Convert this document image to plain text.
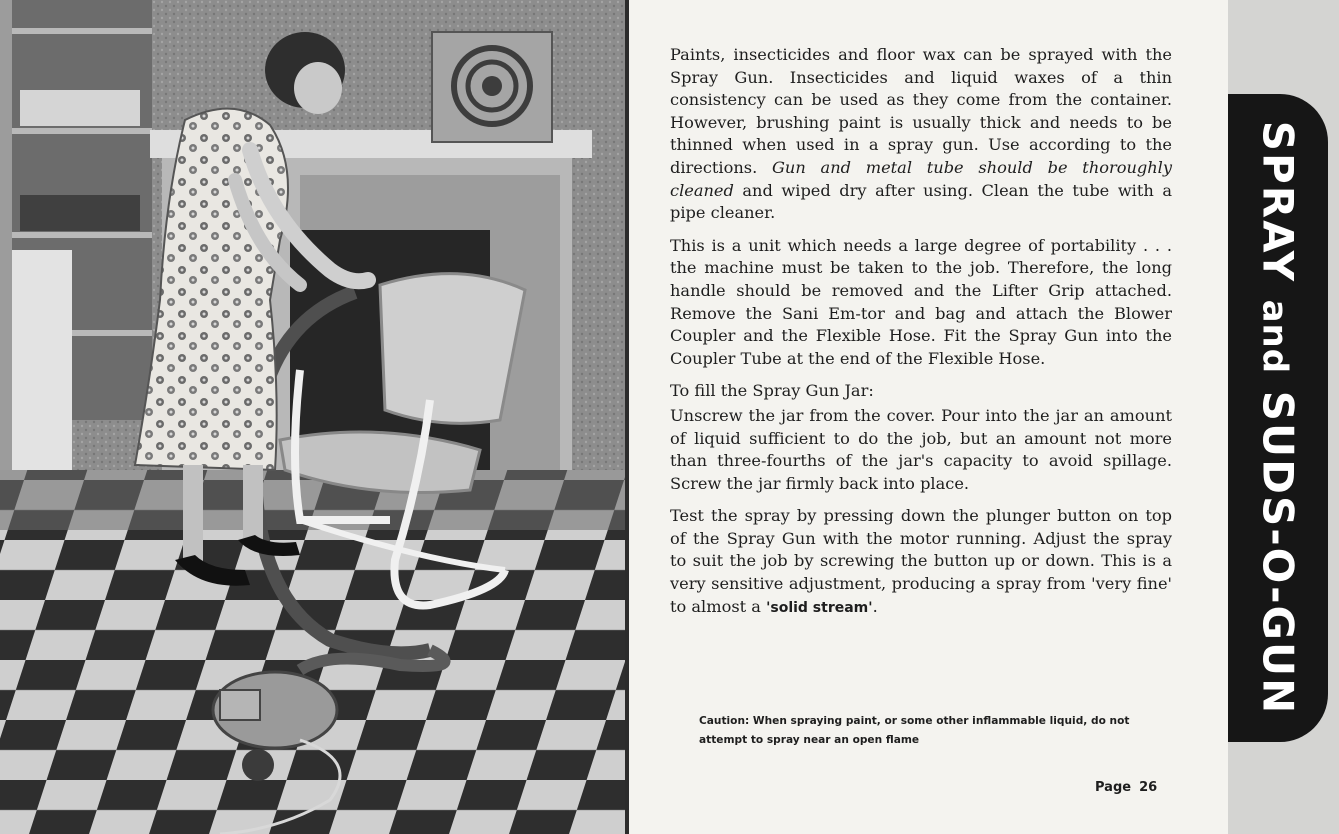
Paints, insecticides and floor wax can be sprayed with the Spray Gun. Insecticides and liquid waxes of a thin consistency can be used as they come from the container. However, brushing paint is usually thick and needs to be thinned when used in a spray gun. Use according to the directions. Gun and metal tube should be thoroughly cleaned and wiped dry after using. Clean the tube with a pipe cleaner.

This is a unit which needs a large degree of portability . . . the machine must be taken to the job. Therefore, the long handle should be removed and the Lifter Grip attached. Remove the Sani Em-tor and bag and attach the Blower Coupler and the Flexible Hose. Fit the Spray Gun into the Coupler Tube at the end of the Flexible Hose.

To fill the Spray Gun Jar:

Unscrew the jar from the cover. Pour into the jar an amount of liquid sufficient to do the job, but an amount not more than three-fourths of the jar's capacity to avoid spillage. Screw the jar firmly back into place.

Test the spray by pressing down the plunger button on top of the Spray Gun with the motor running. Adjust the spray to suit the job by screwing the button up or down. This is a very sensitive adjustment, producing a spray from 'very fine' to almost a 'solid stream'.

Caution: When spraying paint, or some other inflammable liquid, do not attempt to spray near an open flame
Page 26
SPRAY and SUDS-O-GUN
